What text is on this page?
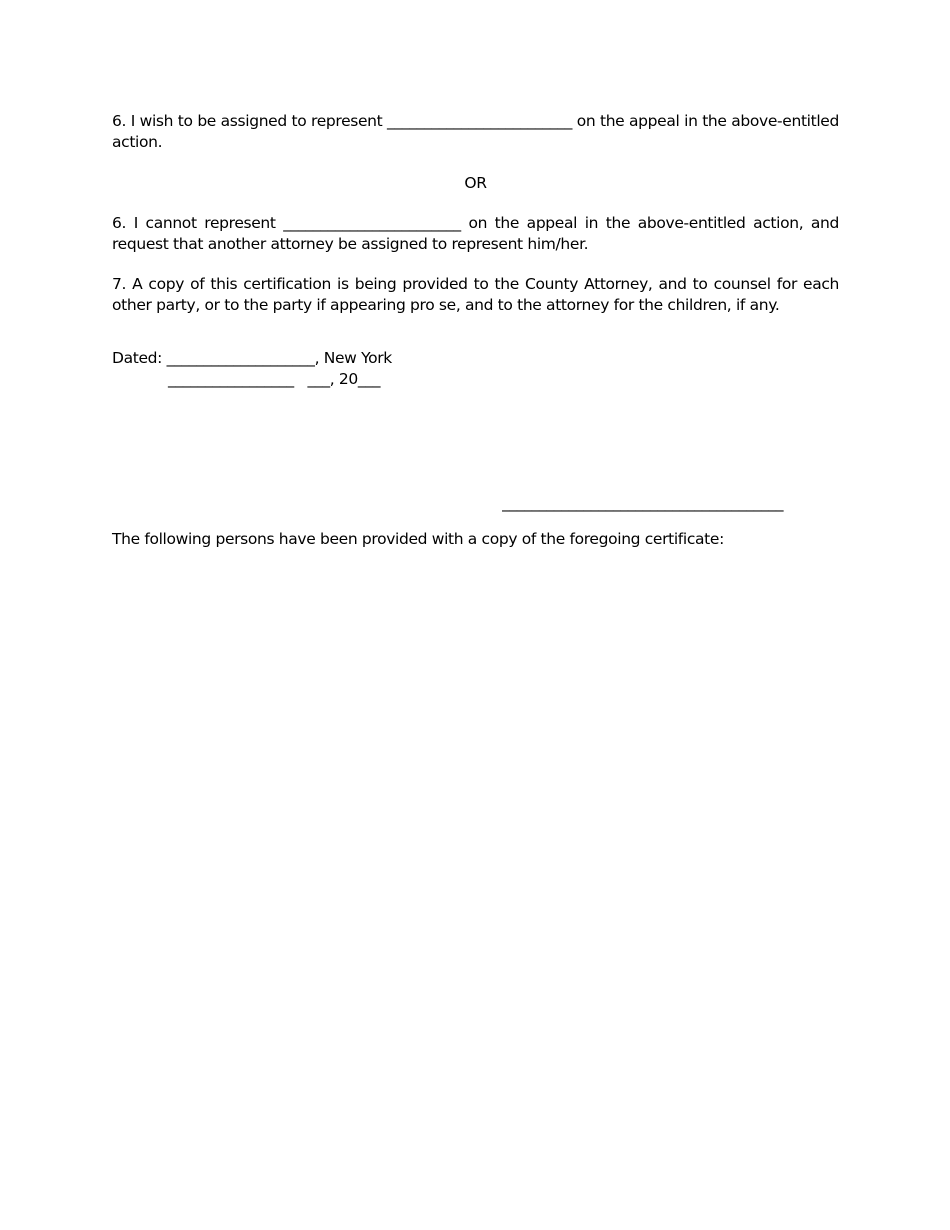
6. I wish to be assigned to represent _________________________ on the appeal in the above-entitled action.

OR

6. I cannot represent ________________________ on the appeal in the above-entitled action, and request that another attorney be assigned to represent him/her.

7. A copy of this certification is being provided to the County Attorney, and to counsel for each other party, or to the party if appearing pro se, and to the attorney for the children, if any.

Dated: ____________________, New York
_________________   ___, 20___
______________________________________
The following persons have been provided with a copy of the foregoing certificate:
